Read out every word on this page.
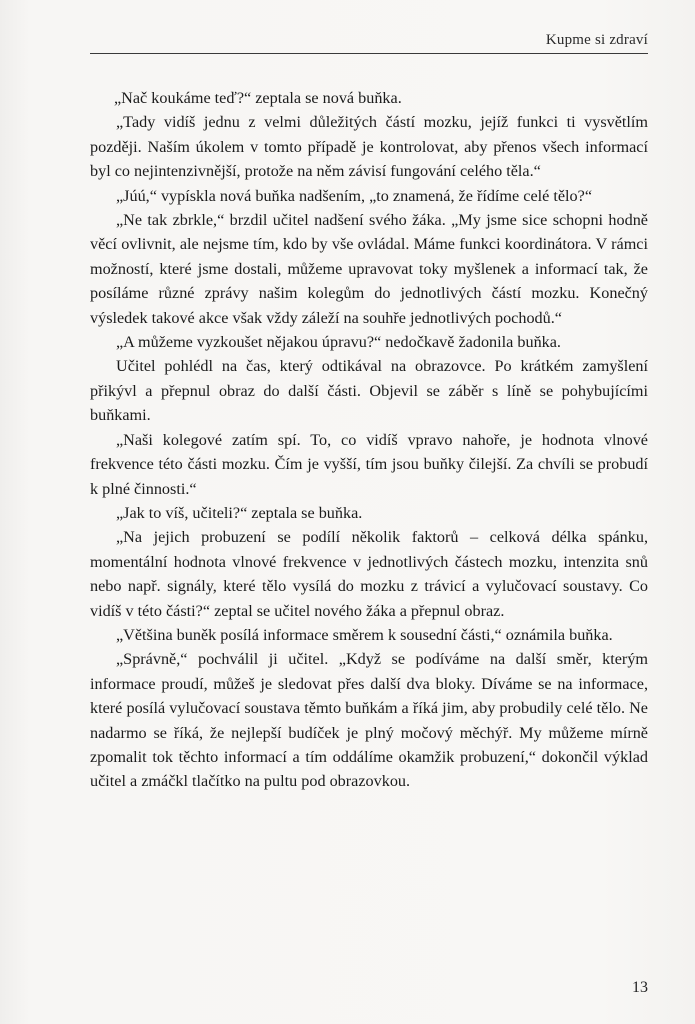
Kupme si zdraví

„Nač koukáme teď?“ zeptala se nová buňka.

„Tady vidíš jednu z velmi důležitých částí mozku, jejíž funkci ti vysvětlím později. Naším úkolem v tomto případě je kontrolovat, aby přenos všech informací byl co nejintenzivnější, protože na něm závisí fungování celého těla.“

„Júú,“ vypískla nová buňka nadšením, „to znamená, že řídíme celé tělo?“

„Ne tak zbrkle,“ brzdil učitel nadšení svého žáka. „My jsme sice schopni hodně věcí ovlivnit, ale nejsme tím, kdo by vše ovládal. Máme funkci koordinátora. V rámci možností, které jsme dostali, můžeme upravovat toky myšlenek a informací tak, že posíláme různé zprávy našim kolegům do jednotlivých částí mozku. Konečný výsledek takové akce však vždy záleží na souhře jednotlivých pochodů.“

„A můžeme vyzkoušet nějakou úpravu?“ nedočkavě žadonila buňka.

Učitel pohlédl na čas, který odtikával na obrazovce. Po krátkém zamyšlení přikývl a přepnul obraz do další části. Objevil se záběr s líně se pohybujícími buňkami.

„Naši kolegové zatím spí. To, co vidíš vpravo nahoře, je hodnota vlnové frekvence této části mozku. Čím je vyšší, tím jsou buňky čilejší. Za chvíli se probudí k plné činnosti.“

„Jak to víš, učiteli?“ zeptala se buňka.

„Na jejich probuzení se podílí několik faktorů – celková délka spánku, momentální hodnota vlnové frekvence v jednotlivých částech mozku, intenzita snů nebo např. signály, které tělo vysílá do mozku z trávicí a vylučovací soustavy. Co vidíš v této části?“ zeptal se učitel nového žáka a přepnul obraz.

„Většina buněk posílá informace směrem k sousední části,“ oznámila buňka.

„Správně,“ pochválil ji učitel. „Když se podíváme na další směr, kterým informace proudí, můžeš je sledovat přes další dva bloky. Díváme se na informace, které posílá vylučovací soustava těmto buňkám a říká jim, aby probudily celé tělo. Ne nadarmo se říká, že nejlepší budíček je plný močový měchýř. My můžeme mírně zpomalit tok těchto informací a tím oddálíme okamžik probuzení,“ dokončil výklad učitel a zmáčkl tlačítko na pultu pod obrazovkou.

13
